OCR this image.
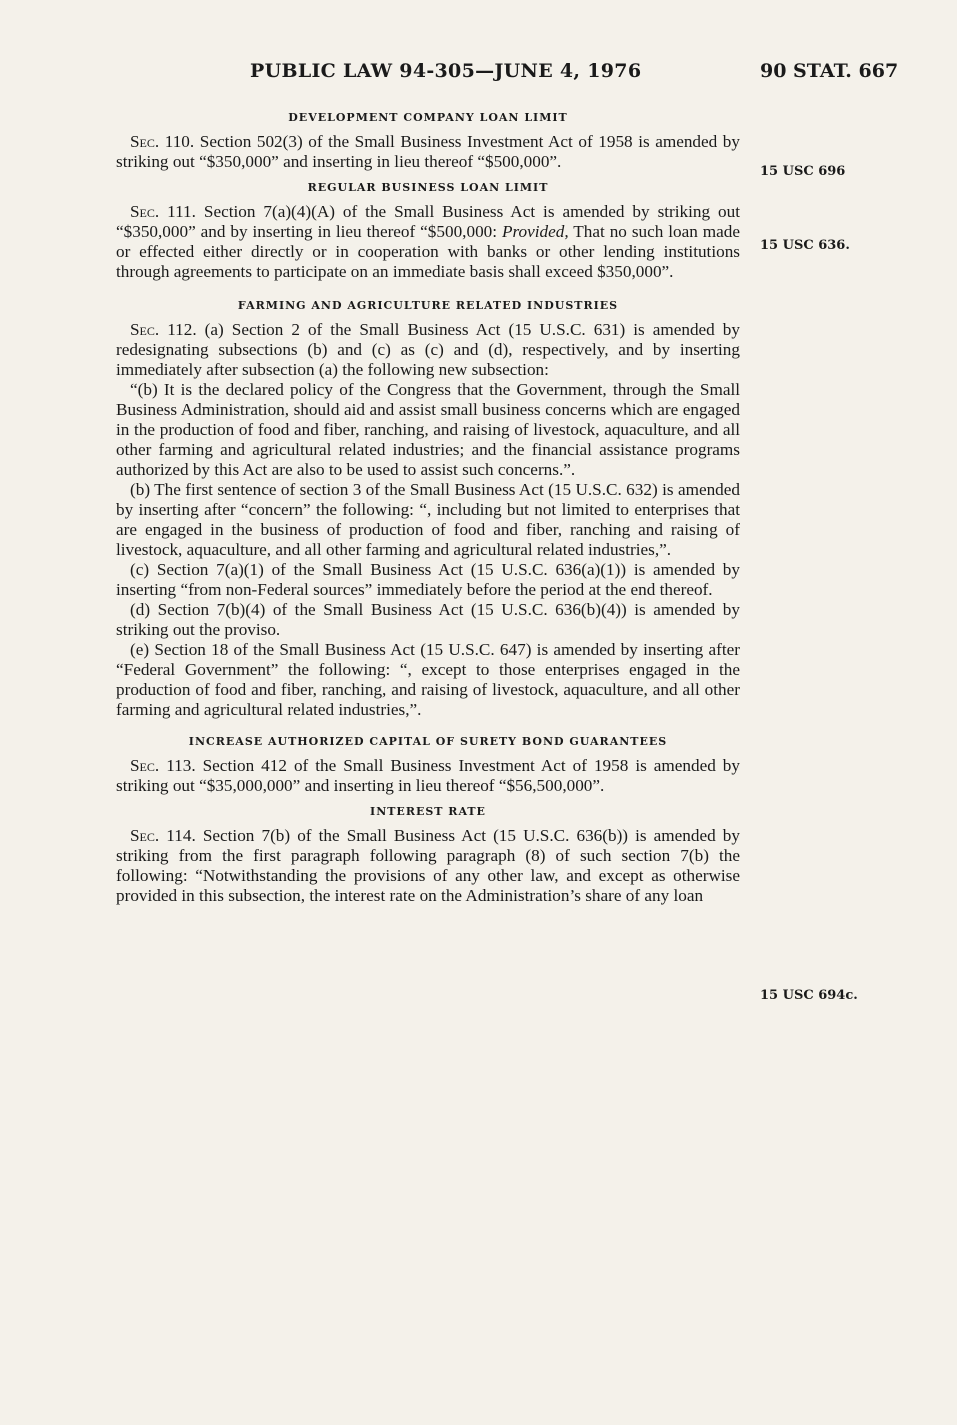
PUBLIC LAW 94-305—JUNE 4, 1976	90 STAT. 667
DEVELOPMENT COMPANY LOAN LIMIT

Sec. 110. Section 502(3) of the Small Business Investment Act of 1958 is amended by striking out “$350,000” and inserting in lieu thereof “$500,000”.

REGULAR BUSINESS LOAN LIMIT

Sec. 111. Section 7(a)(4)(A) of the Small Business Act is amended by striking out “$350,000” and by inserting in lieu thereof “$500,000: Provided, That no such loan made or effected either directly or in cooperation with banks or other lending institutions through agreements to participate on an immediate basis shall exceed $350,000”.

FARMING AND AGRICULTURE RELATED INDUSTRIES

Sec. 112. (a) Section 2 of the Small Business Act (15 U.S.C. 631) is amended by redesignating subsections (b) and (c) as (c) and (d), respectively, and by inserting immediately after subsection (a) the following new subsection:

“(b) It is the declared policy of the Congress that the Government, through the Small Business Administration, should aid and assist small business concerns which are engaged in the production of food and fiber, ranching, and raising of livestock, aquaculture, and all other farming and agricultural related industries; and the financial assistance programs authorized by this Act are also to be used to assist such concerns.”.

(b) The first sentence of section 3 of the Small Business Act (15 U.S.C. 632) is amended by inserting after “concern” the following: “, including but not limited to enterprises that are engaged in the business of production of food and fiber, ranching and raising of livestock, aquaculture, and all other farming and agricultural related industries,”.

(c) Section 7(a)(1) of the Small Business Act (15 U.S.C. 636(a)(1)) is amended by inserting “from non-Federal sources” immediately before the period at the end thereof.

(d) Section 7(b)(4) of the Small Business Act (15 U.S.C. 636(b)(4)) is amended by striking out the proviso.

(e) Section 18 of the Small Business Act (15 U.S.C. 647) is amended by inserting after “Federal Government” the following: “, except to those enterprises engaged in the production of food and fiber, ranching, and raising of livestock, aquaculture, and all other farming and agricultural related industries,”.

INCREASE AUTHORIZED CAPITAL OF SURETY BOND GUARANTEES

Sec. 113. Section 412 of the Small Business Investment Act of 1958 is amended by striking out “$35,000,000” and inserting in lieu thereof “$56,500,000”.

INTEREST RATE

Sec. 114. Section 7(b) of the Small Business Act (15 U.S.C. 636(b)) is amended by striking from the first paragraph following paragraph (8) of such section 7(b) the following: “Notwithstanding the provisions of any other law, and except as otherwise provided in this subsection, the interest rate on the Administration’s share of any loan

15 USC 696
15 USC 636.
15 USC 694c.
